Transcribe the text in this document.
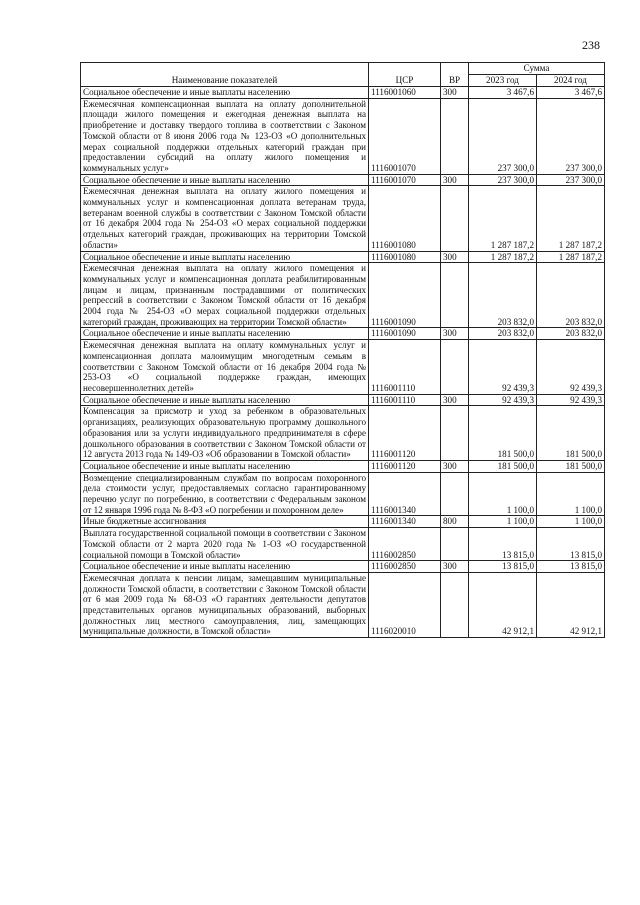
238
Наименование показателей	ЦСР	ВР	Сумма	
			2023 год	2024 год
Социальное обеспечение и иные выплаты населению	1116001060	300	3 467,6	3 467,6
Ежемесячная компенсационная выплата на оплату дополнительной площади жилого помещения и ежегодная денежная выплата на приобретение и доставку твердого топлива в соответствии с Законом Томской области от 8 июня 2006 года № 123-ОЗ «О дополнительных мерах социальной поддержки отдельных категорий граждан при предоставлении субсидий на оплату жилого помещения и коммунальных услуг»	1116001070		237 300,0	237 300,0
Социальное обеспечение и иные выплаты населению	1116001070	300	237 300,0	237 300,0
Ежемесячная денежная выплата на оплату жилого помещения и коммунальных услуг и компенсационная доплата ветеранам труда, ветеранам военной службы в соответствии с Законом Томской области от 16 декабря 2004 года № 254-ОЗ «О мерах социальной поддержки отдельных категорий граждан, проживающих на территории Томской области»	1116001080		1 287 187,2	1 287 187,2
Социальное обеспечение и иные выплаты населению	1116001080	300	1 287 187,2	1 287 187,2
Ежемесячная денежная выплата на оплату жилого помещения и коммунальных услуг и компенсационная доплата реабилитированным лицам и лицам, признанным пострадавшими от политических репрессий в соответствии с Законом Томской области от 16 декабря 2004 года № 254-ОЗ «О мерах социальной поддержки отдельных категорий граждан, проживающих на территории Томской области»	1116001090		203 832,0	203 832,0
Социальное обеспечение и иные выплаты населению	1116001090	300	203 832,0	203 832,0
Ежемесячная денежная выплата на оплату коммунальных услуг и компенсационная доплата малоимущим многодетным семьям в соответствии с Законом Томской области от 16 декабря 2004 года № 253-ОЗ «О социальной поддержке граждан, имеющих несовершеннолетних детей»	1116001110		92 439,3	92 439,3
Социальное обеспечение и иные выплаты населению	1116001110	300	92 439,3	92 439,3
Компенсация за присмотр и уход за ребенком в образовательных организациях, реализующих образовательную программу дошкольного образования или за услуги индивидуального предпринимателя в сфере дошкольного образования в соответствии с Законом Томской области от 12 августа 2013 года № 149-ОЗ «Об образовании в Томской области»	1116001120		181 500,0	181 500,0
Социальное обеспечение и иные выплаты населению	1116001120	300	181 500,0	181 500,0
Возмещение специализированным службам по вопросам похоронного дела стоимости услуг, предоставляемых согласно гарантированному перечню услуг по погребению, в соответствии с Федеральным законом от 12 января 1996 года № 8-ФЗ «О погребении и похоронном деле»	1116001340		1 100,0	1 100,0
Иные бюджетные ассигнования	1116001340	800	1 100,0	1 100,0
Выплата государственной социальной помощи в соответствии с Законом Томской области от 2 марта 2020 года № 1-ОЗ «О государственной социальной помощи в Томской области»	1116002850		13 815,0	13 815,0
Социальное обеспечение и иные выплаты населению	1116002850	300	13 815,0	13 815,0
Ежемесячная доплата к пенсии лицам, замещавшим муниципальные должности Томской области, в соответствии с Законом Томской области от 6 мая 2009 года № 68-ОЗ «О гарантиях деятельности депутатов представительных органов муниципальных образований, выборных должностных лиц местного самоуправления, лиц, замещающих муниципальные должности, в Томской области»	1116020010		42 912,1	42 912,1
